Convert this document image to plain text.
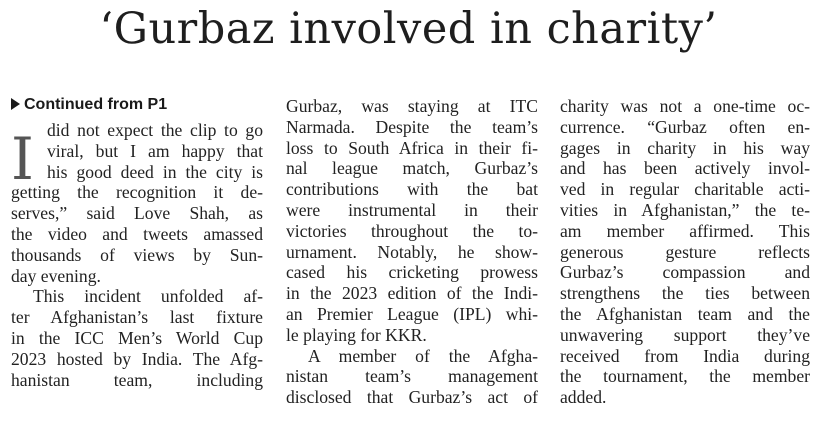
‘Gurbaz involved in charity’
Continued from P1
I did not expect the clip to go
viral, but I am happy that
his good deed in the city is
getting the recognition it de-
serves,” said Love Shah, as
the video and tweets amassed
thousands of views by Sun-
day evening.
This incident unfolded af-
ter Afghanistan’s last fixture
in the ICC Men’s World Cup
2023 hosted by India. The Afg-
hanistan team, including
Gurbaz, was staying at ITC
Narmada. Despite the team’s
loss to South Africa in their fi-
nal league match, Gurbaz’s
contributions with the bat
were instrumental in their
victories throughout the to-
urnament. Notably, he show-
cased his cricketing prowess
in the 2023 edition of the Indi-
an Premier League (IPL) whi-
le playing for KKR.
A member of the Afgha-
nistan team’s management
disclosed that Gurbaz’s act of
charity was not a one-time oc-
currence. “Gurbaz often en-
gages in charity in his way
and has been actively invol-
ved in regular charitable acti-
vities in Afghanistan,” the te-
am member affirmed. This
generous gesture reflects
Gurbaz’s compassion and
strengthens the ties between
the Afghanistan team and the
unwavering support they’ve
received from India during
the tournament, the member
added.
